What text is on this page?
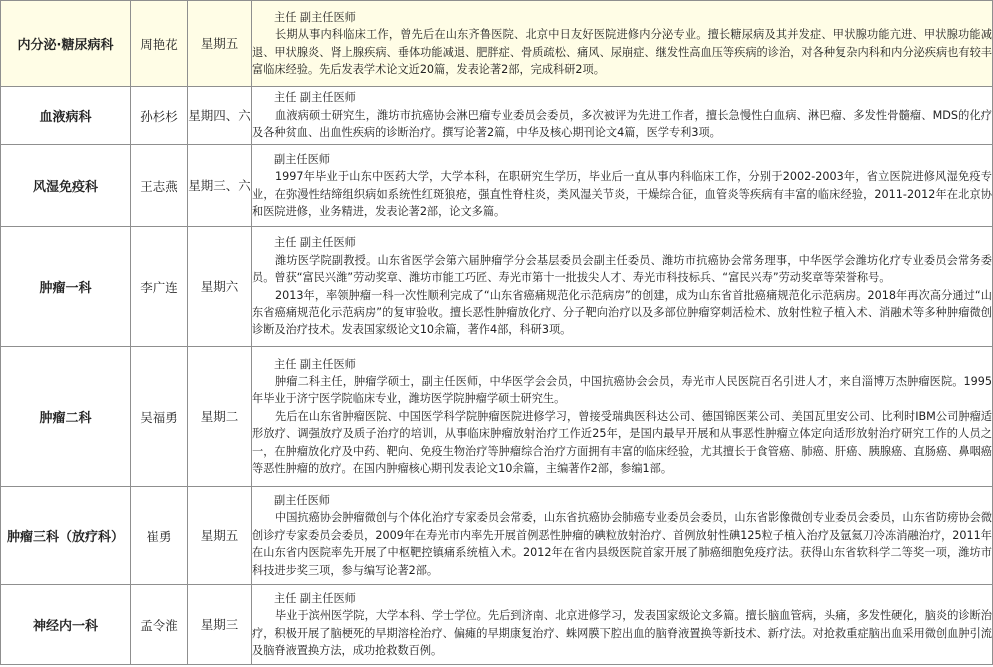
内分泌·糖尿病科	周艳花	星期五	主任 副主任医师
长期从事内科临床工作，曾先后在山东齐鲁医院、北京中日友好医院进修内分泌专业。擅长糖尿病及其并发症、甲状腺功能亢进、甲状腺功能减退、甲状腺炎、肾上腺疾病、垂体功能减退、肥胖症、骨质疏松、痛风、尿崩症、继发性高血压等疾病的诊治，对各种复杂内科和内分泌疾病也有较丰富临床经验。先后发表学术论文近20篇，发表论著2部，完成科研2项。

血液病科	孙杉杉	星期四、六	主任 副主任医师
血液病硕士研究生，潍坊市抗癌协会淋巴瘤专业委员会委员，多次被评为先进工作者，擅长急慢性白血病、淋巴瘤、多发性骨髓瘤、MDS的化疗及各种贫血、出血性疾病的诊断治疗。撰写论著2篇，中华及核心期刊论文4篇，医学专利3项。

风湿免疫科	王志燕	星期三、六	副主任医师
1997年毕业于山东中医药大学，大学本科，在职研究生学历，毕业后一直从事内科临床工作，分别于2002-2003年，省立医院进修风湿免疫专业，在弥漫性结缔组织病如系统性红斑狼疮，强直性脊柱炎，类风湿关节炎，干燥综合征，血管炎等疾病有丰富的临床经验，2011-2012年在北京协和医院进修，业务精进，发表论著2部，论文多篇。

肿瘤一科	李广连	星期六	主任 副主任医师
潍坊医学院副教授。山东省医学会第六届肿瘤学分会基层委员会副主任委员、潍坊市抗癌协会常务理事，中华医学会潍坊化疗专业委员会常务委员。曾获“富民兴潍”劳动奖章、潍坊市能工巧匠、寿光市第十一批拔尖人才、寿光市科技标兵、“富民兴寿”劳动奖章等荣誉称号。
2013年，率领肿瘤一科一次性顺利完成了“山东省癌痛规范化示范病房”的创建，成为山东省首批癌痛规范化示范病房。2018年再次高分通过“山东省癌痛规范化示范病房”的复审验收。擅长恶性肿瘤放化疗、分子靶向治疗以及多部位肿瘤穿刺活检术、放射性粒子植入术、消融术等多种肿瘤微创诊断及治疗技术。发表国家级论文10余篇，著作4部，科研3项。

肿瘤二科	吴福勇	星期二	主任 副主任医师
肿瘤二科主任，肿瘤学硕士，副主任医师，中华医学会会员，中国抗癌协会会员，寿光市人民医院百名引进人才，来自淄博万杰肿瘤医院。1995年毕业于济宁医学院临床专业，潍坊医学院肿瘤学硕士研究生。
先后在山东省肿瘤医院、中国医学科学院肿瘤医院进修学习，曾接受瑞典医科达公司、德国锦医莱公司、美国瓦里安公司、比利时IBM公司肿瘤适形放疗、调强放疗及质子治疗的培训，从事临床肿瘤放射治疗工作近25年，是国内最早开展和从事恶性肿瘤立体定向适形放射治疗研究工作的人员之一，在肿瘤放化疗及中药、靶向、免疫生物治疗等肿瘤综合治疗方面拥有丰富的临床经验，尤其擅长于食管癌、肺癌、肝癌、胰腺癌、直肠癌、鼻咽癌等恶性肿瘤的放疗。在国内肿瘤核心期刊发表论文10余篇，主编著作2部，参编1部。

肿瘤三科（放疗科）	崔勇	星期五	副主任医师
中国抗癌协会肿瘤微创与个体化治疗专家委员会常委，山东省抗癌协会肺癌专业委员会委员，山东省影像微创专业委员会委员，山东省防痨协会微创诊疗专家委员会委员，2009年在寿光市内率先开展首例恶性肿瘤的碘粒放射治疗、首例放射性碘125粒子植入治疗及氩氦刀冷冻消融治疗，2011年在山东省内医院率先开展了中枢靶控镇痛系统植入术。2012年在省内县级医院首家开展了肺癌细胞免疫疗法。获得山东省软科学二等奖一项，潍坊市科技进步奖三项，参与编写论著2部。

神经内一科	孟令淮	星期三	主任 副主任医师
毕业于滨州医学院，大学本科、学士学位。先后到济南、北京进修学习，发表国家级论文多篇。擅长脑血管病，头痛，多发性硬化，脑炎的诊断治疗，积极开展了脑梗死的早期溶栓治疗、偏瘫的早期康复治疗、蛛网膜下腔出血的脑脊液置换等新技术、新疗法。对抢救重症脑出血采用微创血肿引流及脑脊液置换方法，成功抢救数百例。
